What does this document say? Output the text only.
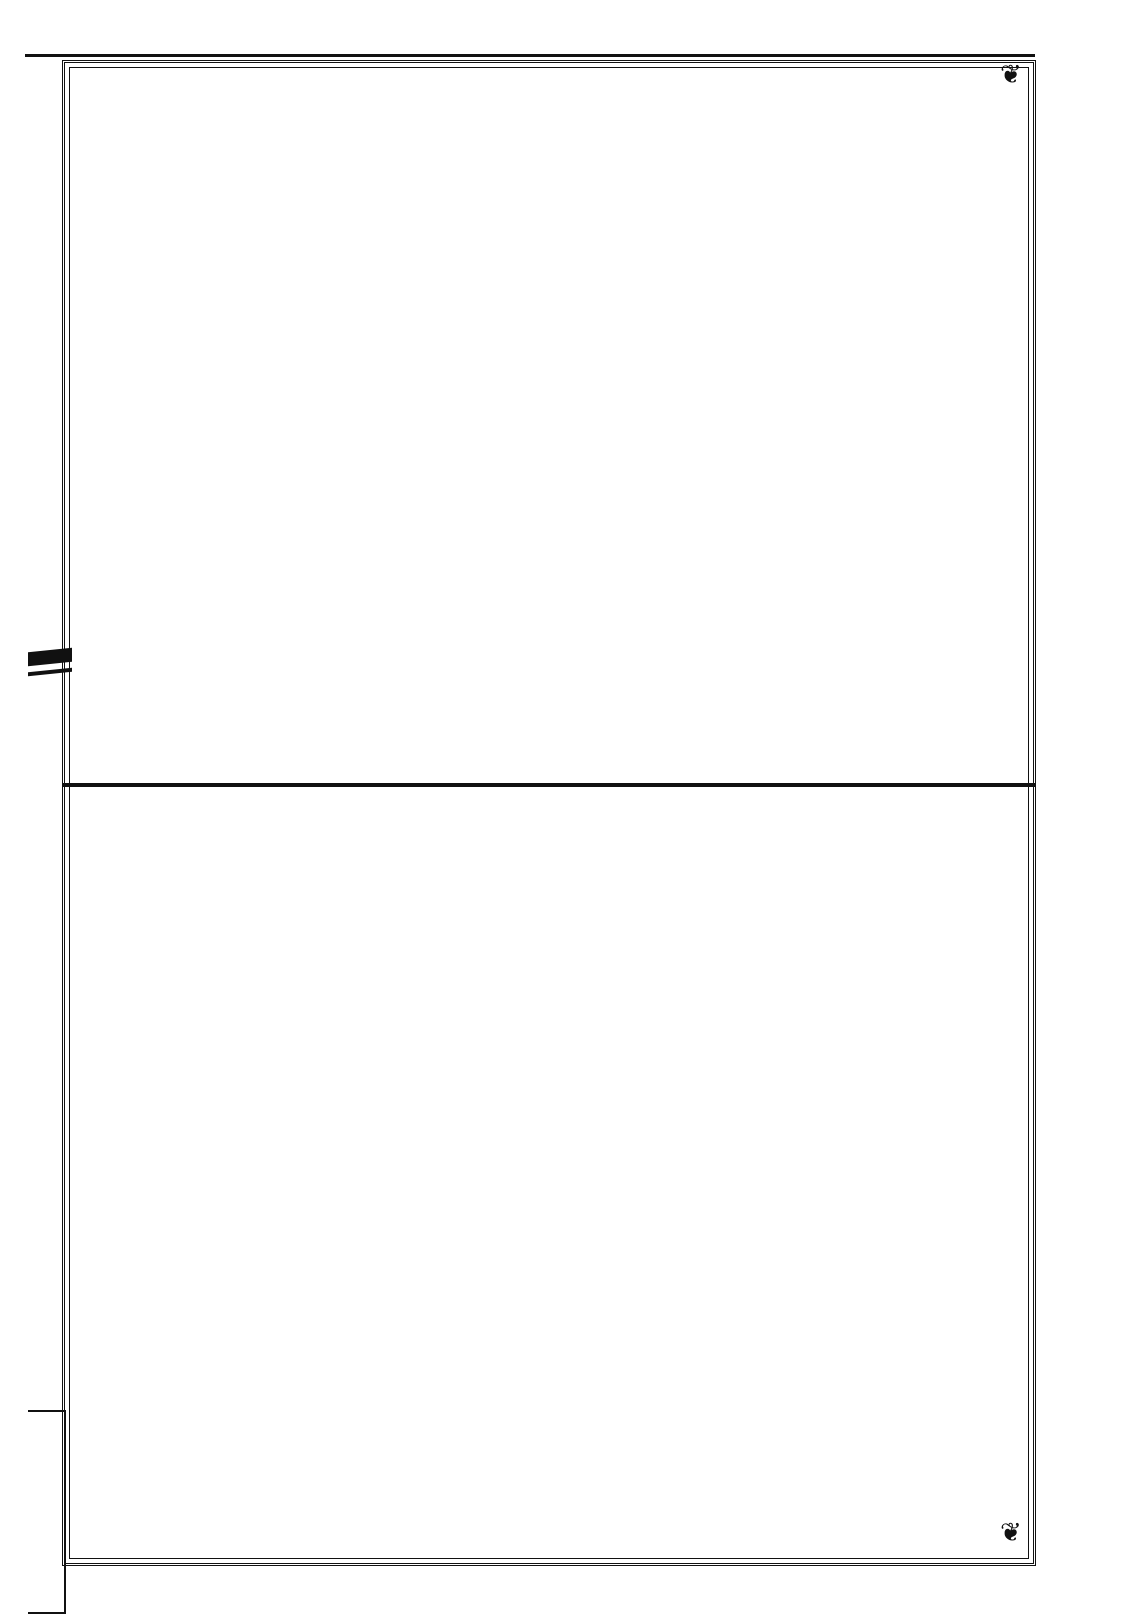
❦
❦
